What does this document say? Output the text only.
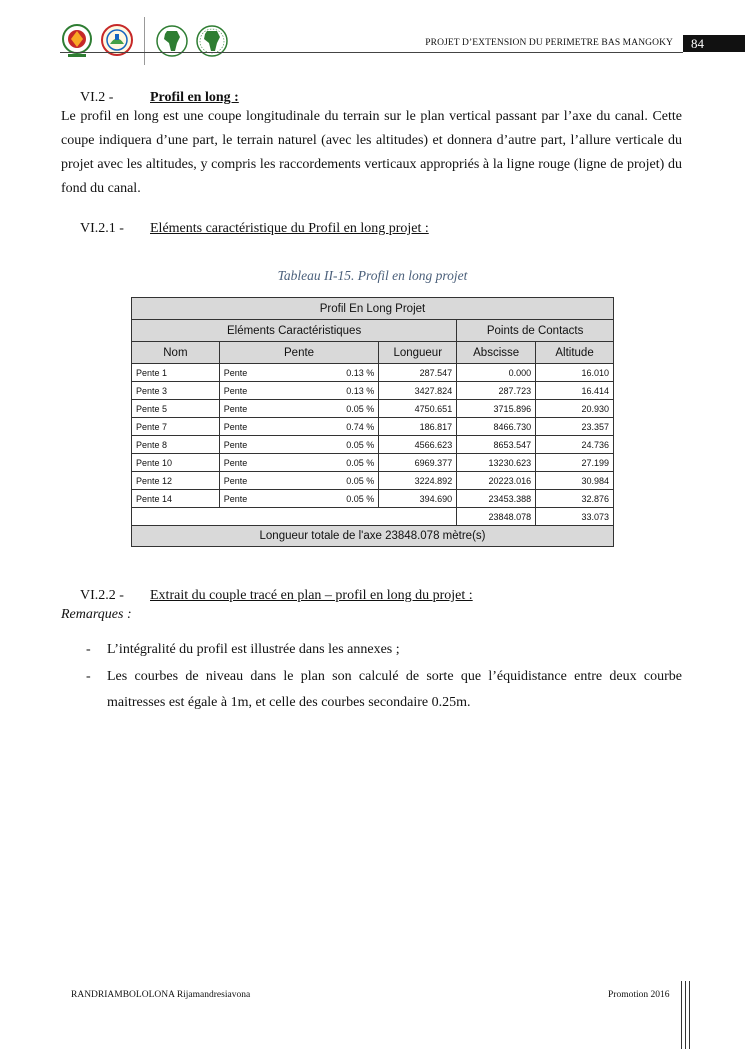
PROJET D’EXTENSION DU PERIMETRE BAS MANGOKY	84
VI.2 -	Profil en long :
Le profil en long est une coupe longitudinale du terrain sur le plan vertical passant par l’axe du canal. Cette coupe indiquera d’une part, le terrain naturel (avec les altitudes) et donnera d’autre part, l’allure verticale du projet avec les altitudes, y compris les raccordements verticaux appropriés à la ligne rouge (ligne de projet) du fond du canal.
VI.2.1 - Eléments caractéristique du Profil en long projet :
Tableau II-15. Profil en long projet
Profil En Long Projet				
Eléments Caractéristiques			Points de Contacts	
Nom	Pente	Longueur	Abscisse	Altitude
Pente 1	Pente 0.13 %	287.547	0.000	16.010
Pente 3	Pente 0.13 %	3427.824	287.723	16.414
Pente 5	Pente 0.05 %	4750.651	3715.896	20.930
Pente 7	Pente 0.74 %	186.817	8466.730	23.357
Pente 8	Pente 0.05 %	4566.623	8653.547	24.736
Pente 10	Pente 0.05 %	6969.377	13230.623	27.199
Pente 12	Pente 0.05 %	3224.892	20223.016	30.984
Pente 14	Pente 0.05 %	394.690	23453.388	32.876
			23848.078	33.073
Longueur totale de l'axe 23848.078 mètre(s)				
VI.2.2 - Extrait du couple tracé en plan – profil en long du projet :
Remarques :
- L’intégralité du profil est illustrée dans les annexes ;
- Les courbes de niveau dans le plan son calculé de sorte que l’équidistance entre deux courbe maitresses est égale à 1m, et celle des courbes secondaire 0.25m.
RANDRIAMBOLOLONA Rijamandresiavona	Promotion 2016
